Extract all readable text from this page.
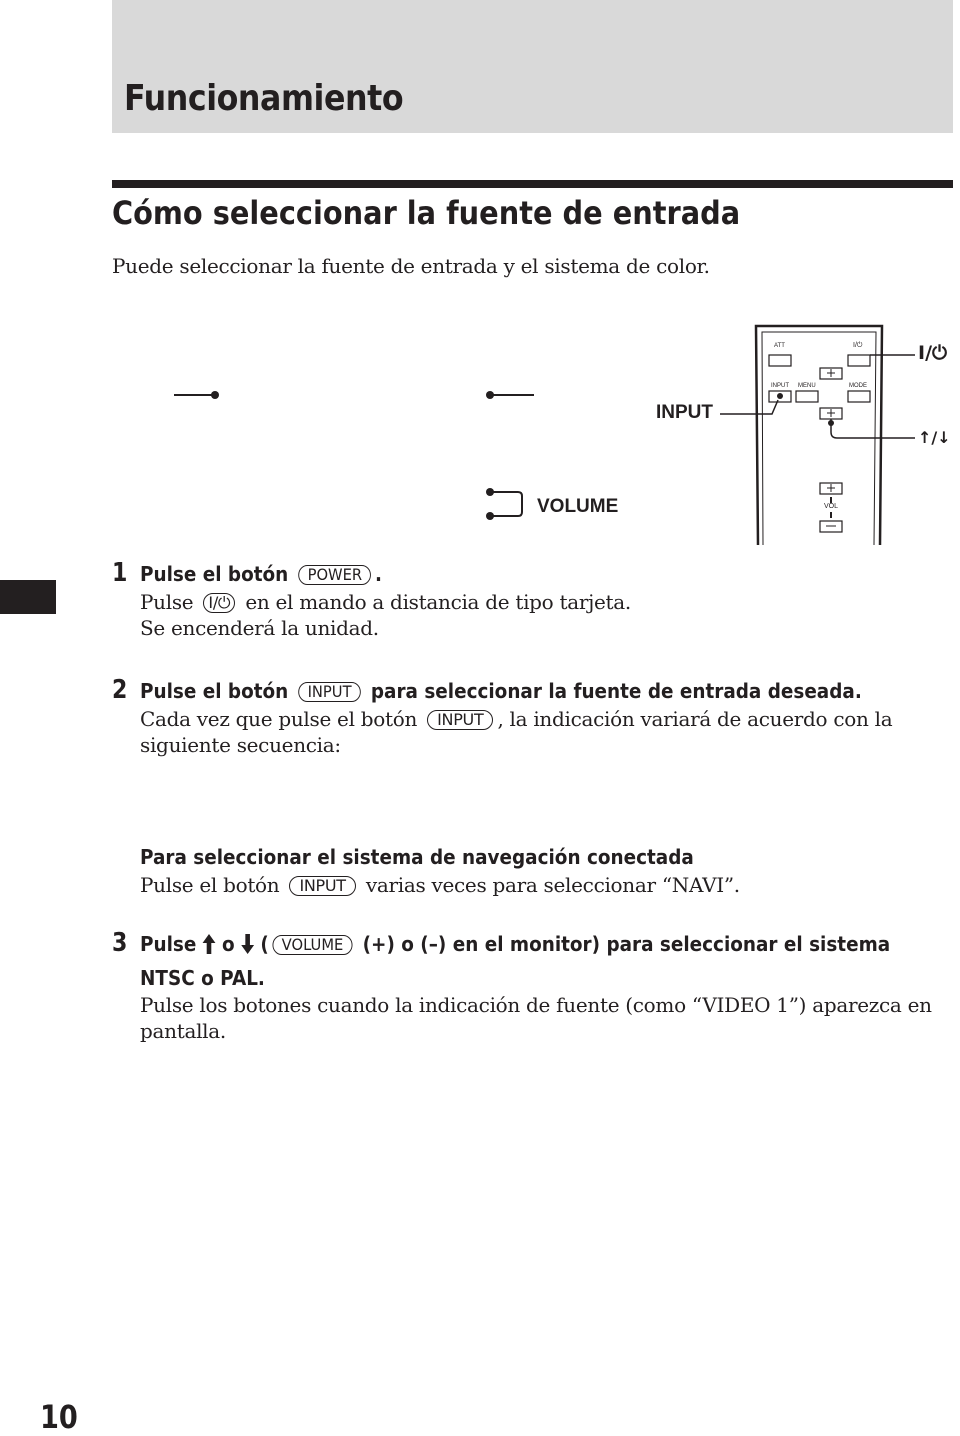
Funcionamiento
Cómo seleccionar la fuente de entrada
Puede seleccionar la fuente de entrada y el sistema de color.
ATT	I/⏻
INPUT MENU	MODE
VOL
INPUT
VOLUME
I/⏻
↑/↓
1 Pulse el botón POWER .
Pulse I/⏻ en el mando a distancia de tipo tarjeta.
Se encenderá la unidad.
2 Pulse el botón INPUT para seleccionar la fuente de entrada deseada.
Cada vez que pulse el botón INPUT , la indicación variará de acuerdo con la
siguiente secuencia:
Para seleccionar el sistema de navegación conectada
Pulse el botón INPUT varias veces para seleccionar “NAVI”.
3 Pulse o ( VOLUME (+) o (–) en el monitor) para seleccionar el sistema
NTSC o PAL.
Pulse los botones cuando la indicación de fuente (como “VIDEO 1”) aparezca en
pantalla.
10
